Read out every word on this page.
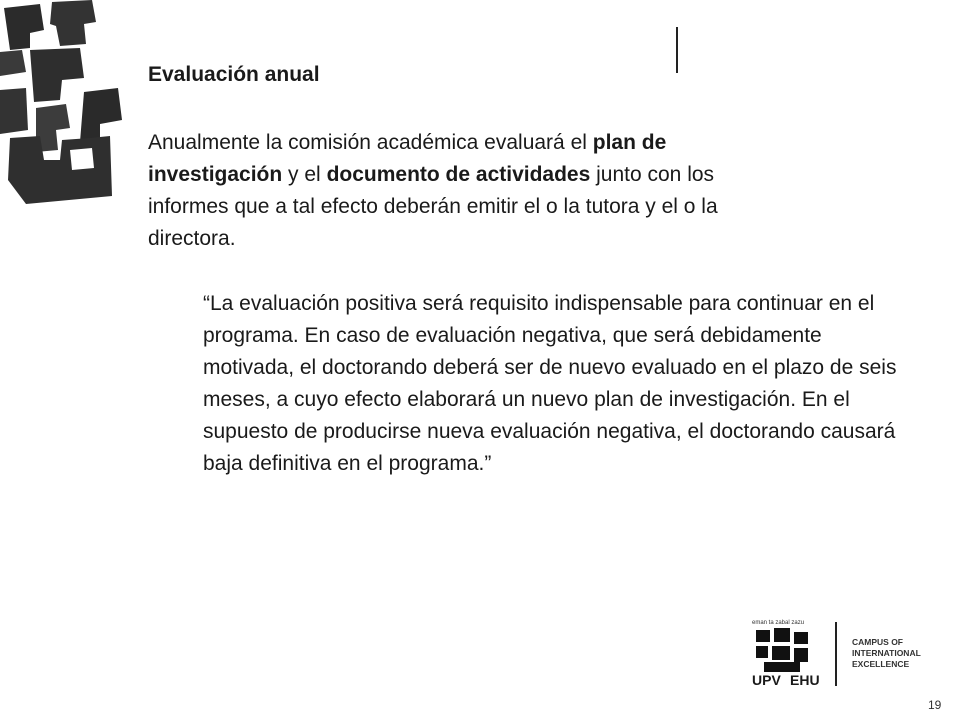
Evaluación anual

Anualmente la comisión académica evaluará el plan de investigación y el documento de actividades junto con los informes que a tal efecto deberán emitir el o la tutora y el o la directora.

“La evaluación positiva será requisito indispensable para continuar en el programa. En caso de evaluación negativa, que será debidamente motivada, el doctorando deberá ser de nuevo evaluado en el plazo de seis meses, a cuyo efecto elaborará un nuevo plan de investigación. En el supuesto de producirse nueva evaluación negativa, el doctorando causará baja definitiva en el programa.”

eman ta zabal zazu
UPV EHU
CAMPUS OF
INTERNATIONAL
EXCELLENCE
19
